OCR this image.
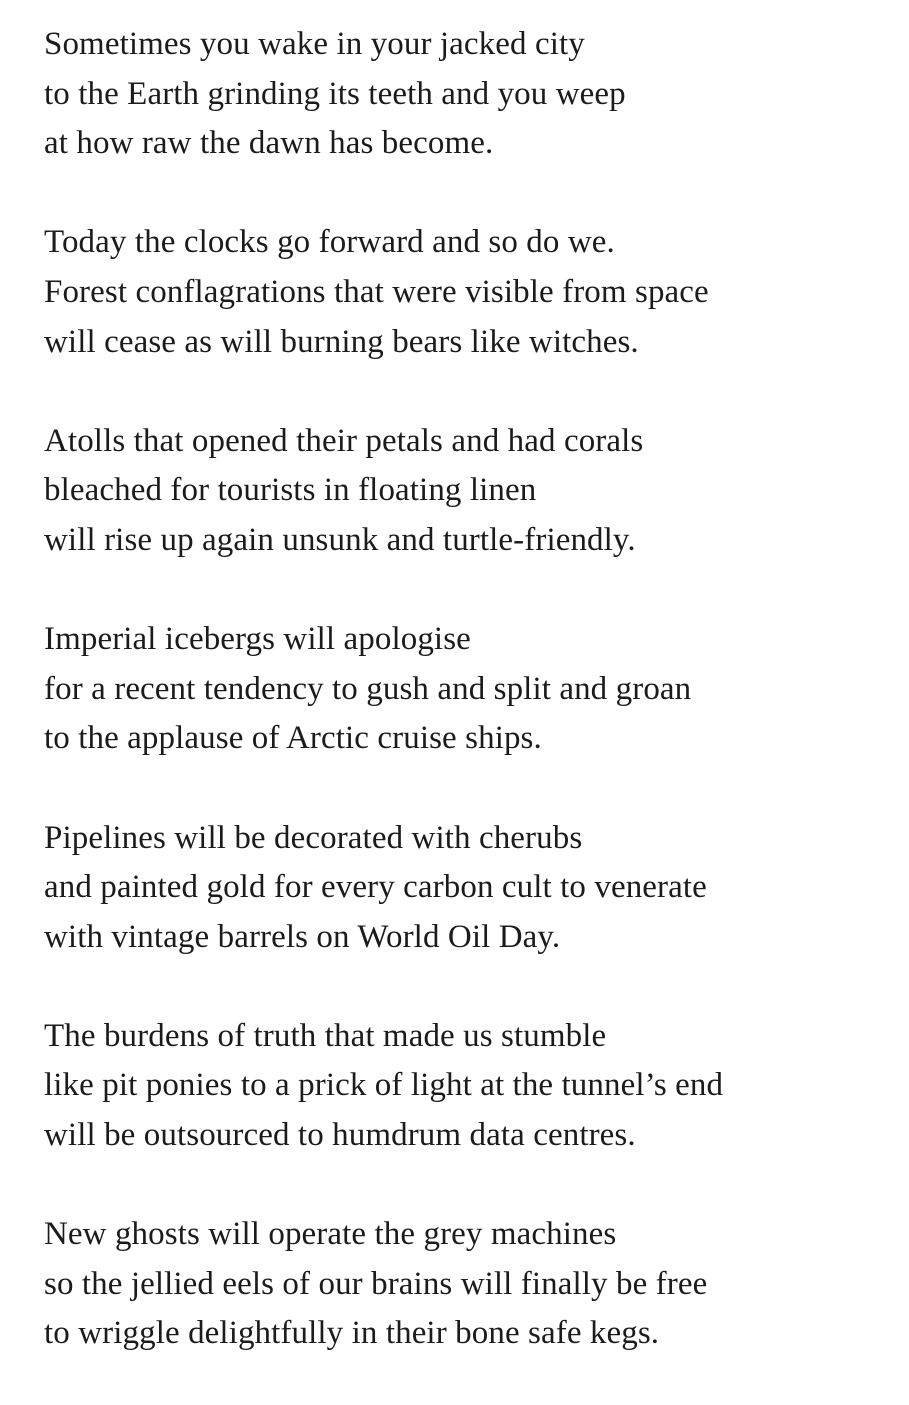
Sometimes you wake in your jacked city
to the Earth grinding its teeth and you weep
at how raw the dawn has become.
Today the clocks go forward and so do we.
Forest conflagrations that were visible from space
will cease as will burning bears like witches.
Atolls that opened their petals and had corals
bleached for tourists in floating linen
will rise up again unsunk and turtle-friendly.
Imperial icebergs will apologise
for a recent tendency to gush and split and groan
to the applause of Arctic cruise ships.
Pipelines will be decorated with cherubs
and painted gold for every carbon cult to venerate
with vintage barrels on World Oil Day.
The burdens of truth that made us stumble
like pit ponies to a prick of light at the tunnel’s end
will be outsourced to humdrum data centres.
New ghosts will operate the grey machines
so the jellied eels of our brains will finally be free
to wriggle delightfully in their bone safe kegs.
